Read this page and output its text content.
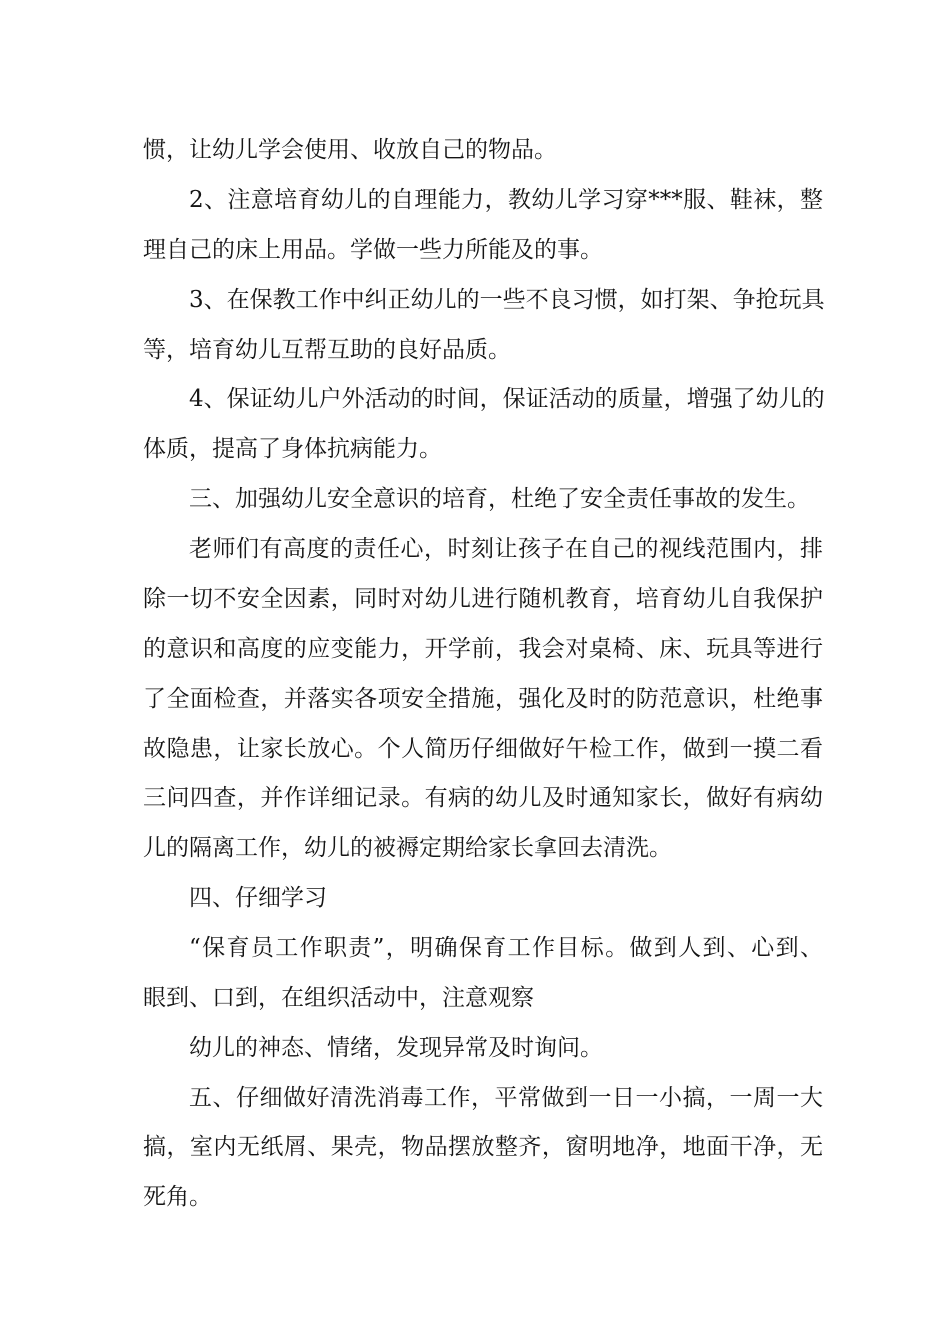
惯，让幼儿学会使用、收放自己的物品。
2、注意培育幼儿的自理能力，教幼儿学习穿***服、鞋袜，整
理自己的床上用品。学做一些力所能及的事。
3、在保教工作中纠正幼儿的一些不良习惯，如打架、争抢玩具
等，培育幼儿互帮互助的良好品质。
4、保证幼儿户外活动的时间，保证活动的质量，增强了幼儿的
体质，提高了身体抗病能力。
三、加强幼儿安全意识的培育，杜绝了安全责任事故的发生。
老师们有高度的责任心，时刻让孩子在自己的视线范围内，排
除一切不安全因素，同时对幼儿进行随机教育，培育幼儿自我保护
的意识和高度的应变能力，开学前，我会对桌椅、床、玩具等进行
了全面检查，并落实各项安全措施，强化及时的防范意识，杜绝事
故隐患，让家长放心。个人简历仔细做好午检工作，做到一摸二看
三问四查，并作详细记录。有病的幼儿及时通知家长，做好有病幼
儿的隔离工作，幼儿的被褥定期给家长拿回去清洗。
四、仔细学习
“保育员工作职责”，明确保育工作目标。做到人到、心到、
眼到、口到，在组织活动中，注意观察
幼儿的神态、情绪，发现异常及时询问。
五、仔细做好清洗消毒工作，平常做到一日一小搞，一周一大
搞，室内无纸屑、果壳，物品摆放整齐，窗明地净，地面干净，无
死角。
